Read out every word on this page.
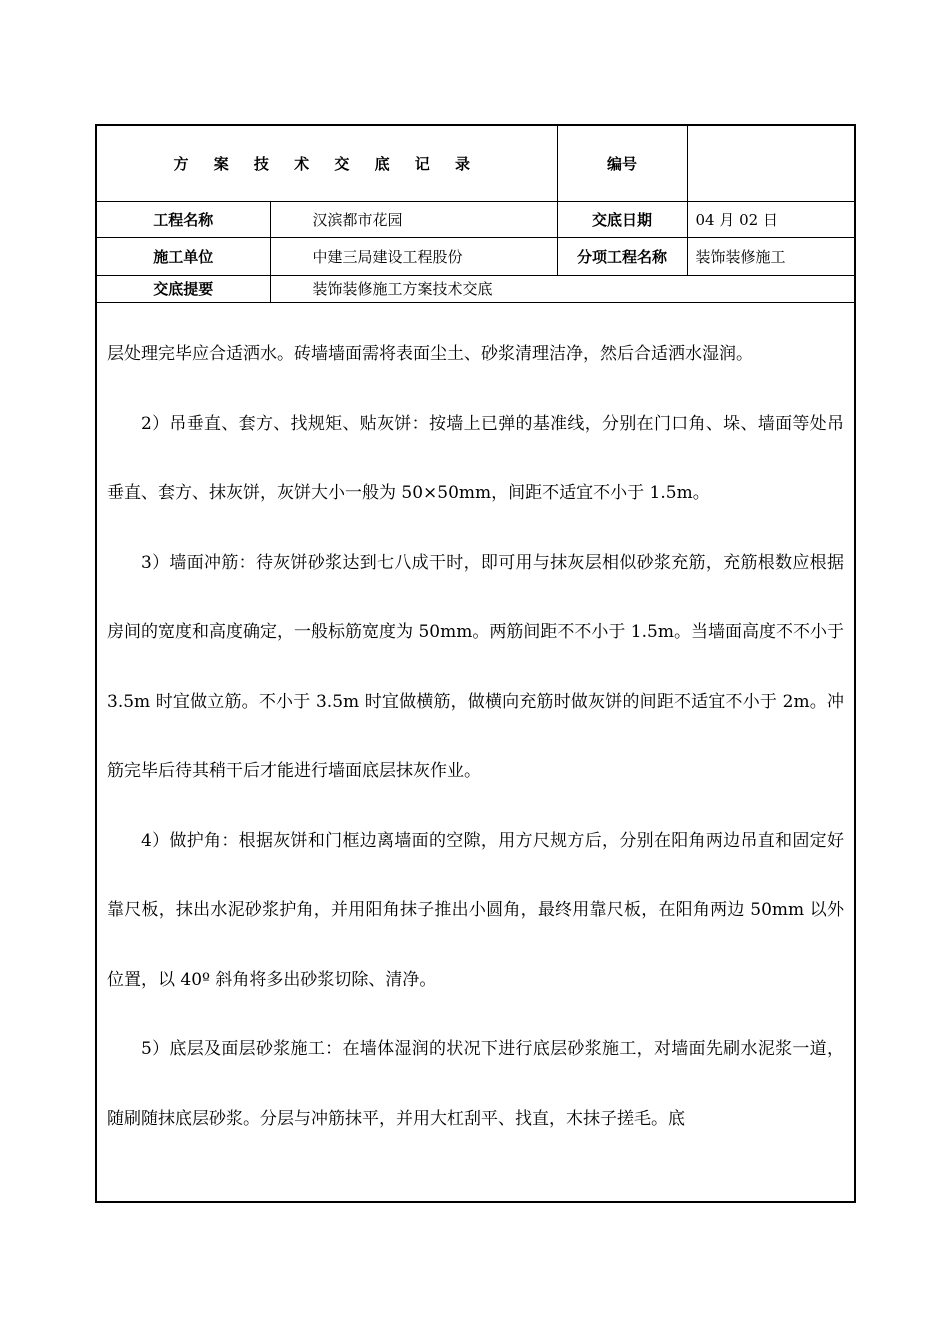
方 案 技 术 交 底 记 录		编号	
工程名称	汉滨都市花园	交底日期	04 月 02 日
施工单位	中建三局建设工程股份	分项工程名称	装饰装修施工
交底提要	装饰装修施工方案技术交底		

层处理完毕应合适洒水。砖墙墙面需将表面尘土、砂浆清理洁净，然后合适洒水湿润。

2）吊垂直、套方、找规矩、贴灰饼：按墙上已弹的基准线，分别在门口角、垛、墙面等处吊垂直、套方、抹灰饼，灰饼大小一般为 50×50mm，间距不适宜不小于 1.5m。

3）墙面冲筋：待灰饼砂浆达到七八成干时，即可用与抹灰层相似砂浆充筋，充筋根数应根据房间的宽度和高度确定，一般标筋宽度为 50mm。两筋间距不不小于 1.5m。当墙面高度不不小于 3.5m 时宜做立筋。不小于 3.5m 时宜做横筋，做横向充筋时做灰饼的间距不适宜不小于 2m。冲筋完毕后待其稍干后才能进行墙面底层抹灰作业。

4）做护角：根据灰饼和门框边离墙面的空隙，用方尺规方后，分别在阳角两边吊直和固定好靠尺板，抹出水泥砂浆护角，并用阳角抹子推出小圆角，最终用靠尺板，在阳角两边 50mm 以外位置，以 40º 斜角将多出砂浆切除、清净。

5）底层及面层砂浆施工：在墙体湿润的状况下进行底层砂浆施工，对墙面先刷水泥浆一道，随刷随抹底层砂浆。分层与冲筋抹平，并用大杠刮平、找直，木抹子搓毛。底
